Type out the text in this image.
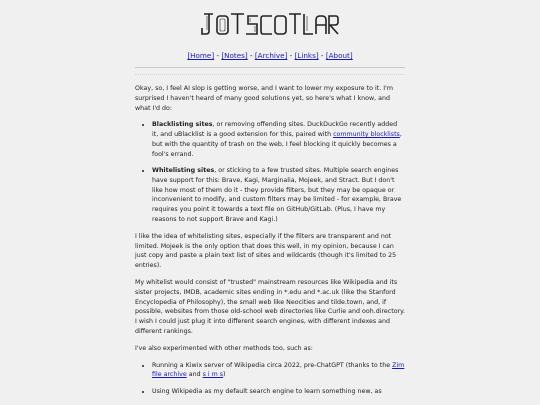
[Home] - [Notes] - [Archive] - [Links] - [About]

Okay, so, I feel AI slop is getting worse, and I want to lower my exposure to it. I'm surprised I haven't heard of many good solutions yet, so here's what I know, and what I'd do:

• Blacklisting sites, or removing offending sites. DuckDuckGo recently added it, and uBlacklist is a good extension for this, paired with community blocklists, but with the quantity of trash on the web, I feel blocking it quickly becomes a fool's errand.
• Whitelisting sites, or sticking to a few trusted sites. Multiple search engines have support for this: Brave, Kagi, Marginalia, Mojeek, and Stract. But I don't like how most of them do it - they provide filters, but they may be opaque or inconvenient to modify, and custom filters may be limited - for example, Brave requires you point it towards a text file on GitHub/GitLab. (Plus, I have my reasons to not support Brave and Kagi.)

I like the idea of whitelisting sites, especially if the filters are transparent and not limited. Mojeek is the only option that does this well, in my opinion, because I can just copy and paste a plain text list of sites and wildcards (though it's limited to 25 entries).

My whitelist would consist of "trusted" mainstream resources like Wikipedia and its sister projects, IMDB, academic sites ending in *.edu and *.ac.uk (like the Stanford Encyclopedia of Philosophy), the small web like Neocities and tilde.town, and, if possible, websites from those old-school web directories like Curlie and ooh.directory. I wish I could just plug it into different search engines, with different indexes and different rankings.

I've also experimented with other methods too, such as:

• Running a Kiwix server of Wikipedia circa 2022, pre-ChatGPT (thanks to the Zim file archive and s i m s)
• Using Wikipedia as my default search engine to learn something new, as
